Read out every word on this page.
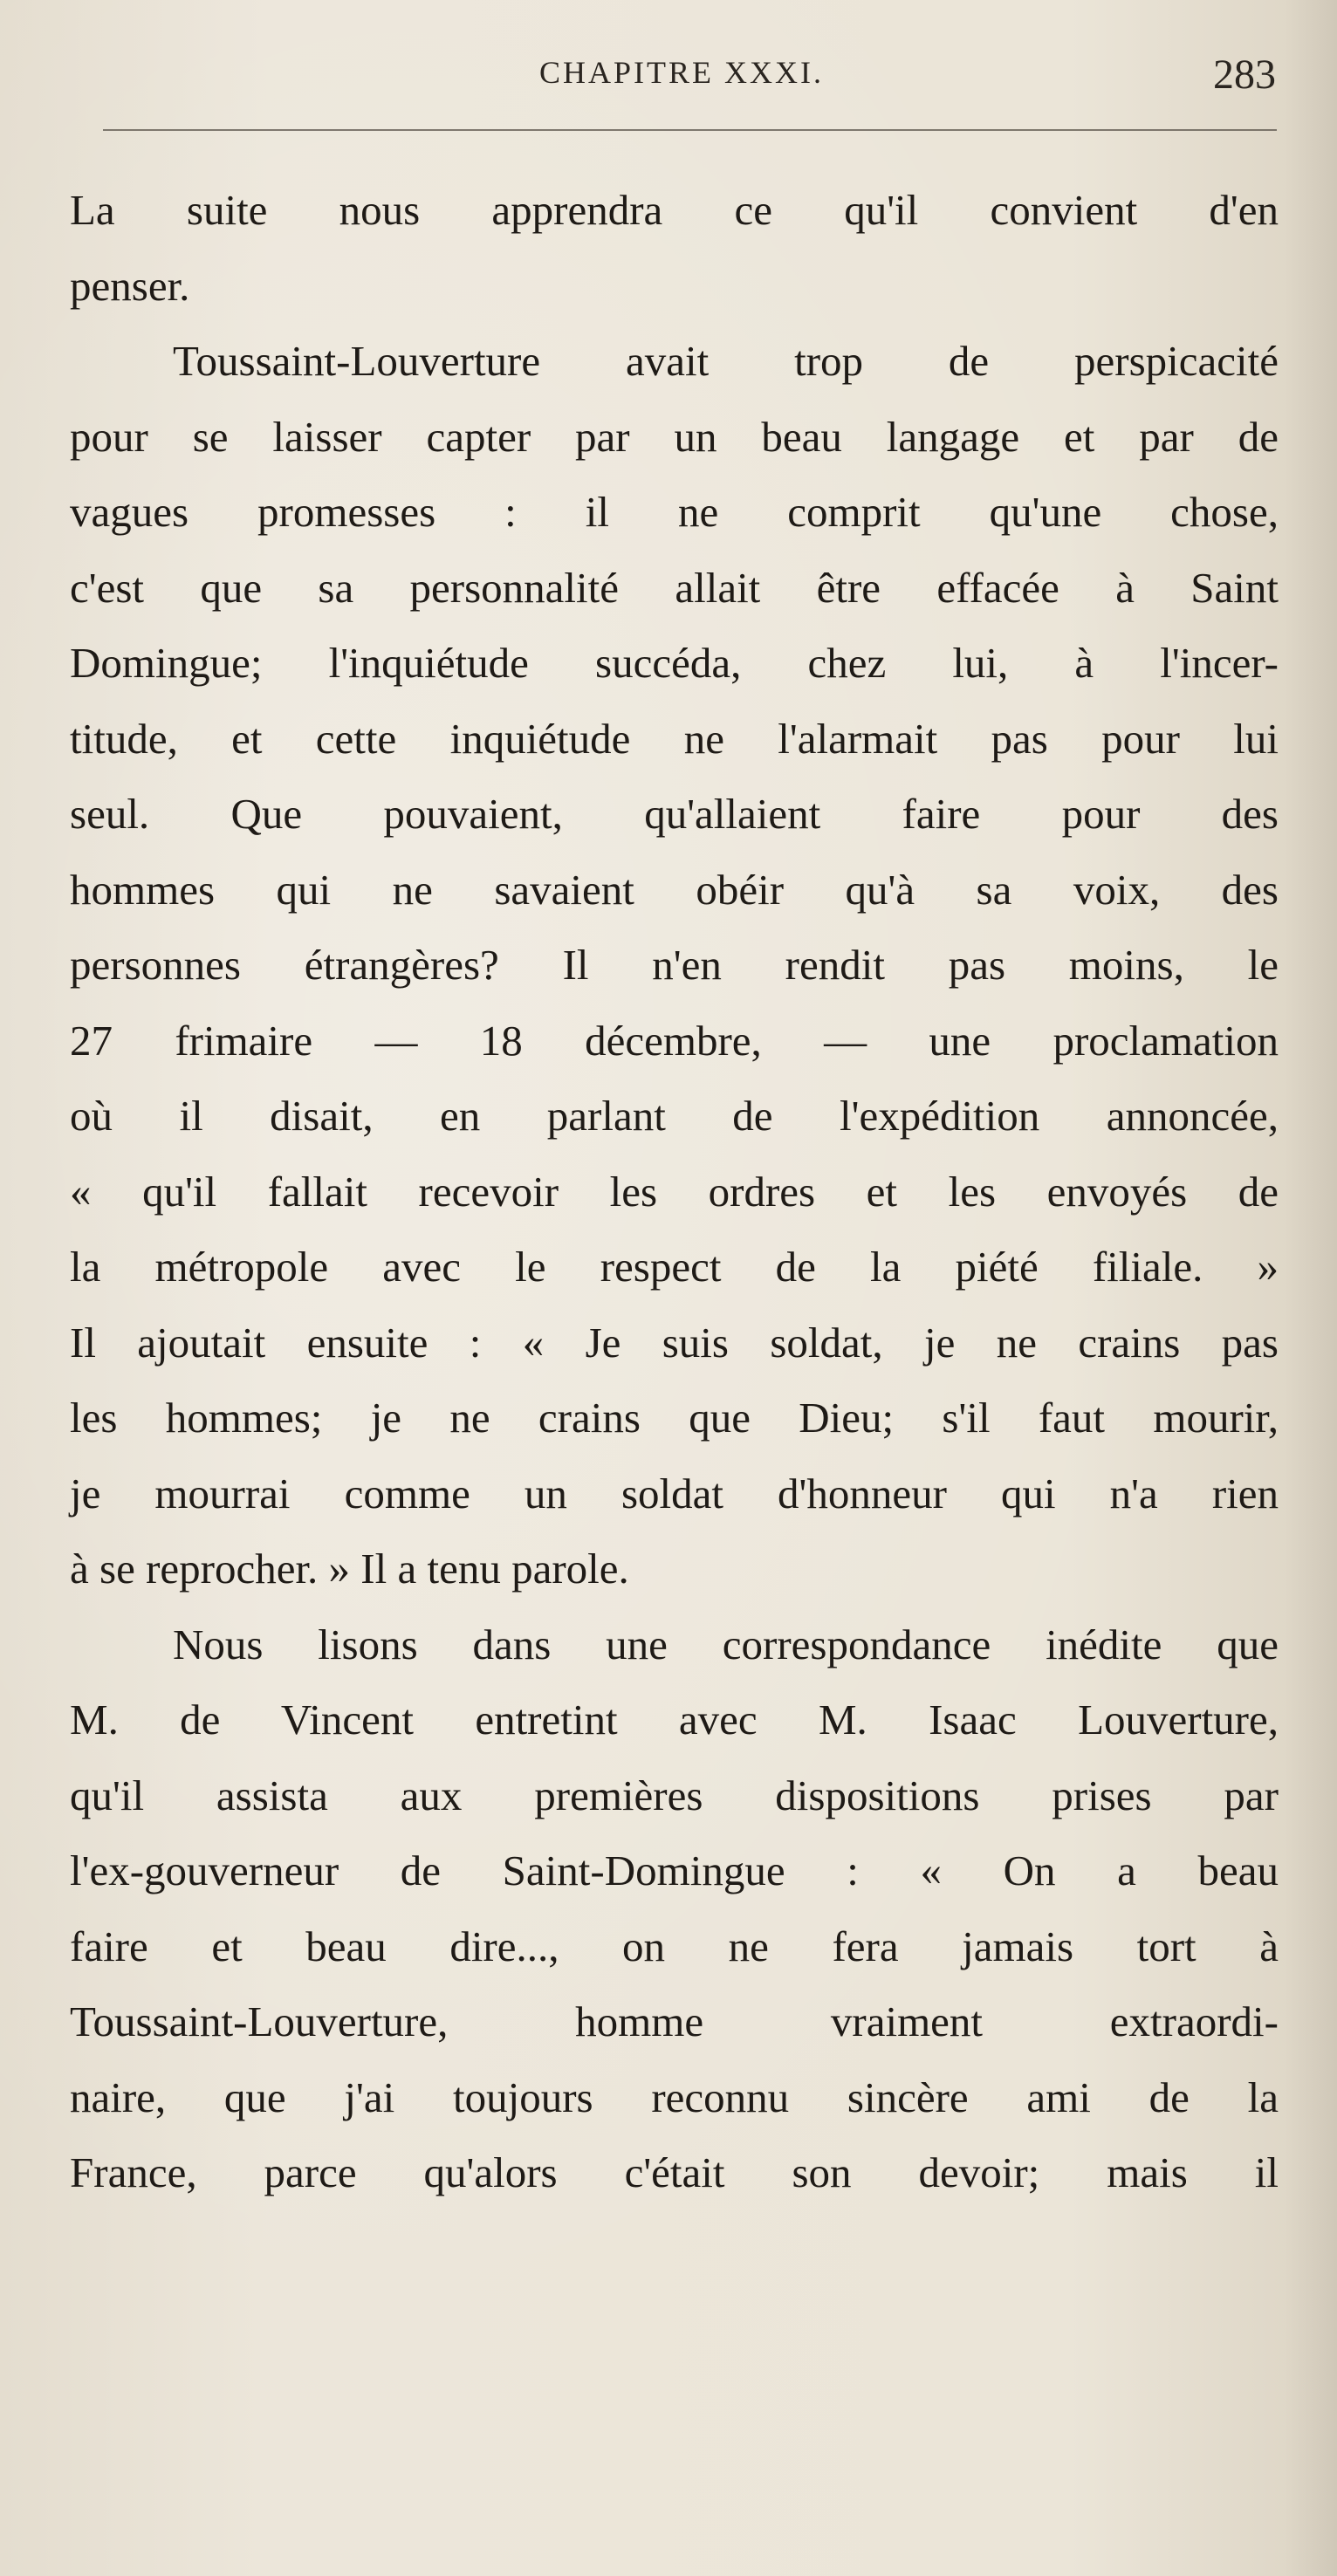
CHAPITRE XXXI.	283
La suite nous apprendra ce qu'il convient d'en
penser.
Toussaint-Louverture avait trop de perspicacité
pour se laisser capter par un beau langage et par de
vagues promesses : il ne comprit qu'une chose,
c'est que sa personnalité allait être effacée à Saint
Domingue; l'inquiétude succéda, chez lui, à l'incer-
titude, et cette inquiétude ne l'alarmait pas pour lui
seul. Que pouvaient, qu'allaient faire pour des
hommes qui ne savaient obéir qu'à sa voix, des
personnes étrangères? Il n'en rendit pas moins, le
27 frimaire — 18 décembre, — une proclamation
où il disait, en parlant de l'expédition annoncée,
« qu'il fallait recevoir les ordres et les envoyés de
la métropole avec le respect de la piété filiale. »
Il ajoutait ensuite : « Je suis soldat, je ne crains pas
les hommes; je ne crains que Dieu; s'il faut mourir,
je mourrai comme un soldat d'honneur qui n'a rien
à se reprocher. » Il a tenu parole.
Nous lisons dans une correspondance inédite que
M. de Vincent entretint avec M. Isaac Louverture,
qu'il assista aux premières dispositions prises par
l'ex-gouverneur de Saint-Domingue : « On a beau
faire et beau dire..., on ne fera jamais tort à
Toussaint-Louverture, homme vraiment extraordi-
naire, que j'ai toujours reconnu sincère ami de la
France, parce qu'alors c'était son devoir; mais il
